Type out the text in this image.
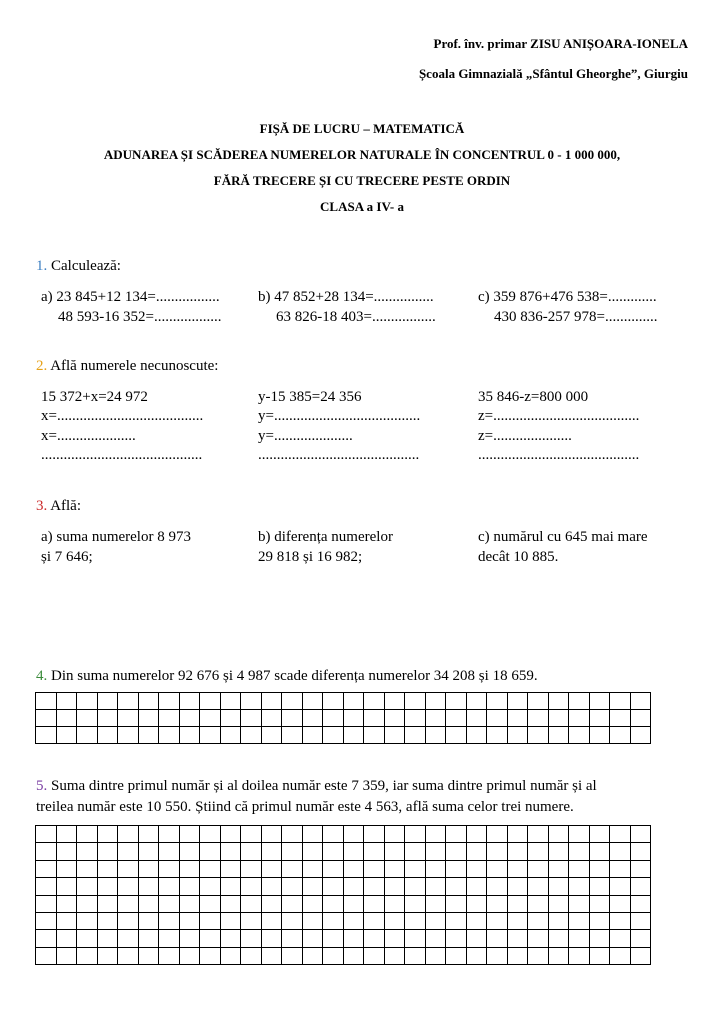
Prof. înv. primar ZISU ANIȘOARA-IONELA
Școala Gimnazială „Sfântul Gheorghe”, Giurgiu
FIȘĂ DE LUCRU – MATEMATICĂ
ADUNAREA ȘI SCĂDEREA NUMERELOR NATURALE ÎN CONCENTRUL 0 - 1 000 000,
FĂRĂ TRECERE ȘI CU TRECERE PESTE ORDIN
CLASA a IV- a
1. Calculează:
a) 23 845+12 134=.................
48 593-16 352=..................
b) 47 852+28 134=................
63 826-18 403=.................
c) 359 876+476 538=.............
430 836-257 978=..............
2. Află numerele necunoscute:
15 372+x=24 972
x=.......................................
x=.....................
...........................................
y-15 385=24 356
y=.......................................
y=.....................
...........................................
35 846-z=800 000
z=.......................................
z=.....................
...........................................
3. Află:
a) suma numerelor 8 973
și 7 646;
b) diferența numerelor
29 818 și 16 982;
c) numărul cu 645 mai mare
decât 10 885.
4. Din suma numerelor 92 676 și 4 987 scade diferența numerelor 34 208 și 18 659.

5. Suma dintre primul număr și al doilea număr este 7 359, iar suma dintre primul număr și al
treilea număr este 10 550. Știind că primul număr este 4 563, află suma celor trei numere.
